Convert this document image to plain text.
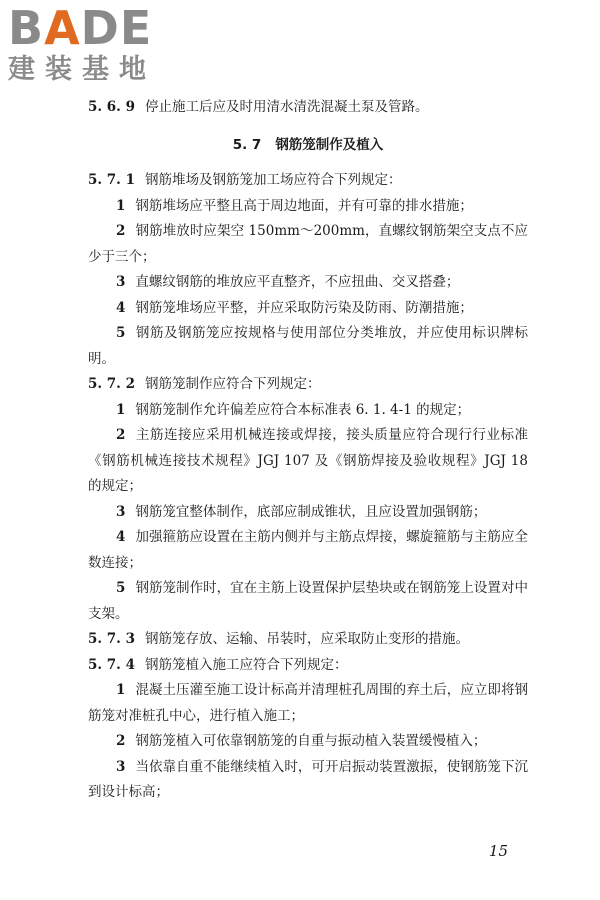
BADE
建装基地

5. 6. 9 停止施工后应及时用清水清洗混凝土泵及管路。

5. 7 钢筋笼制作及植入

5. 7. 1 钢筋堆场及钢筋笼加工场应符合下列规定：

1 钢筋堆场应平整且高于周边地面，并有可靠的排水措施；

2 钢筋堆放时应架空 150mm～200mm，直螺纹钢筋架空支点不应少于三个；

3 直螺纹钢筋的堆放应平直整齐，不应扭曲、交叉搭叠；

4 钢筋笼堆场应平整，并应采取防污染及防雨、防潮措施；

5 钢筋及钢筋笼应按规格与使用部位分类堆放，并应使用标识牌标明。

5. 7. 2 钢筋笼制作应符合下列规定：

1 钢筋笼制作允许偏差应符合本标准表 6. 1. 4-1 的规定；

2 主筋连接应采用机械连接或焊接，接头质量应符合现行行业标准《钢筋机械连接技术规程》JGJ 107 及《钢筋焊接及验收规程》JGJ 18 的规定；

3 钢筋笼宜整体制作，底部应制成锥状，且应设置加强钢筋；

4 加强箍筋应设置在主筋内侧并与主筋点焊接，螺旋箍筋与主筋应全数连接；

5 钢筋笼制作时，宜在主筋上设置保护层垫块或在钢筋笼上设置对中支架。

5. 7. 3 钢筋笼存放、运输、吊装时，应采取防止变形的措施。

5. 7. 4 钢筋笼植入施工应符合下列规定：

1 混凝土压灌至施工设计标高并清理桩孔周围的弃土后，应立即将钢筋笼对准桩孔中心，进行植入施工；

2 钢筋笼植入可依靠钢筋笼的自重与振动植入装置缓慢植入；

3 当依靠自重不能继续植入时，可开启振动装置激振，使钢筋笼下沉到设计标高；

15
